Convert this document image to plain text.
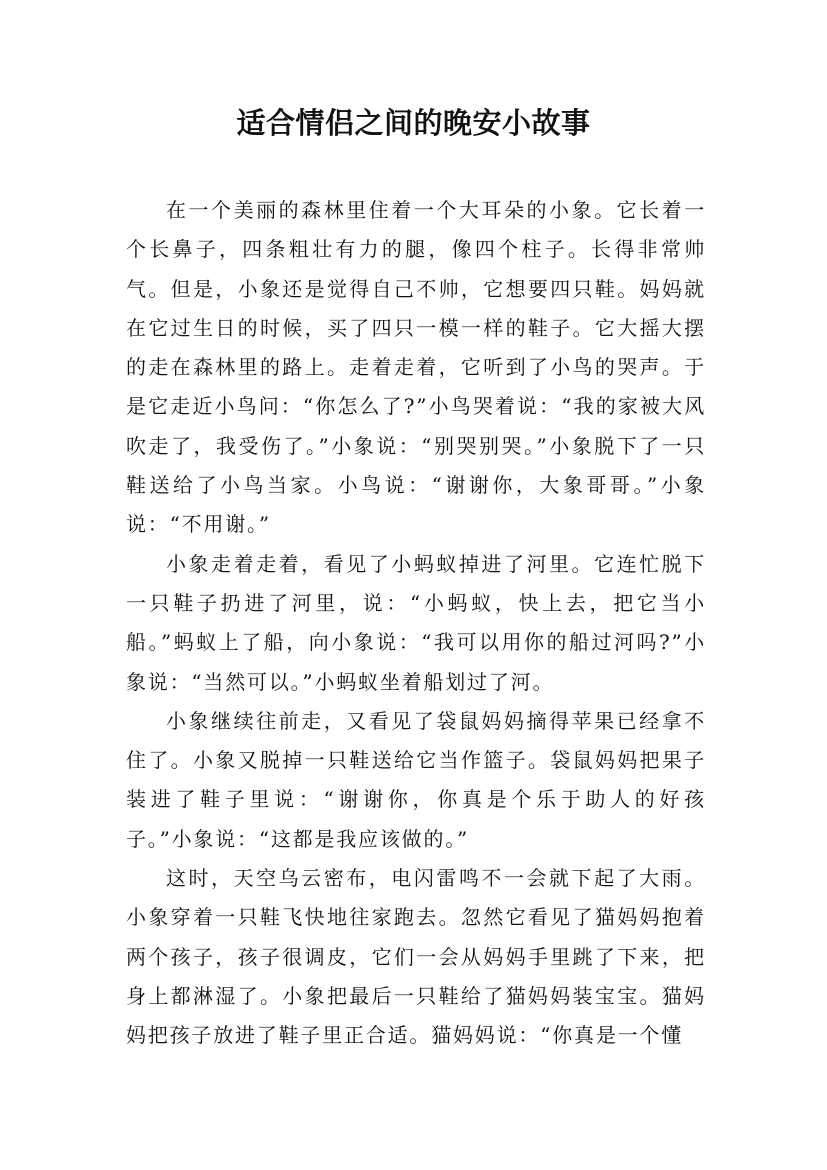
适合情侣之间的晚安小故事

在一个美丽的森林里住着一个大耳朵的小象。它长着一个长鼻子，四条粗壮有力的腿，像四个柱子。长得非常帅气。但是，小象还是觉得自己不帅，它想要四只鞋。妈妈就在它过生日的时候，买了四只一模一样的鞋子。它大摇大摆的走在森林里的路上。走着走着，它听到了小鸟的哭声。于是它走近小鸟问：“你怎么了?”小鸟哭着说：“我的家被大风吹走了，我受伤了。”小象说：“别哭别哭。”小象脱下了一只鞋送给了小鸟当家。小鸟说：“谢谢你，大象哥哥。”小象说：“不用谢。”

小象走着走着，看见了小蚂蚁掉进了河里。它连忙脱下一只鞋子扔进了河里，说：“小蚂蚁，快上去，把它当小船。”蚂蚁上了船，向小象说：“我可以用你的船过河吗?”小象说：“当然可以。”小蚂蚁坐着船划过了河。

小象继续往前走，又看见了袋鼠妈妈摘得苹果已经拿不住了。小象又脱掉一只鞋送给它当作篮子。袋鼠妈妈把果子装进了鞋子里说：“谢谢你，你真是个乐于助人的好孩子。”小象说：“这都是我应该做的。”

这时，天空乌云密布，电闪雷鸣不一会就下起了大雨。小象穿着一只鞋飞快地往家跑去。忽然它看见了猫妈妈抱着两个孩子，孩子很调皮，它们一会从妈妈手里跳了下来，把身上都淋湿了。小象把最后一只鞋给了猫妈妈装宝宝。猫妈妈把孩子放进了鞋子里正合适。猫妈妈说：“你真是一个懂
